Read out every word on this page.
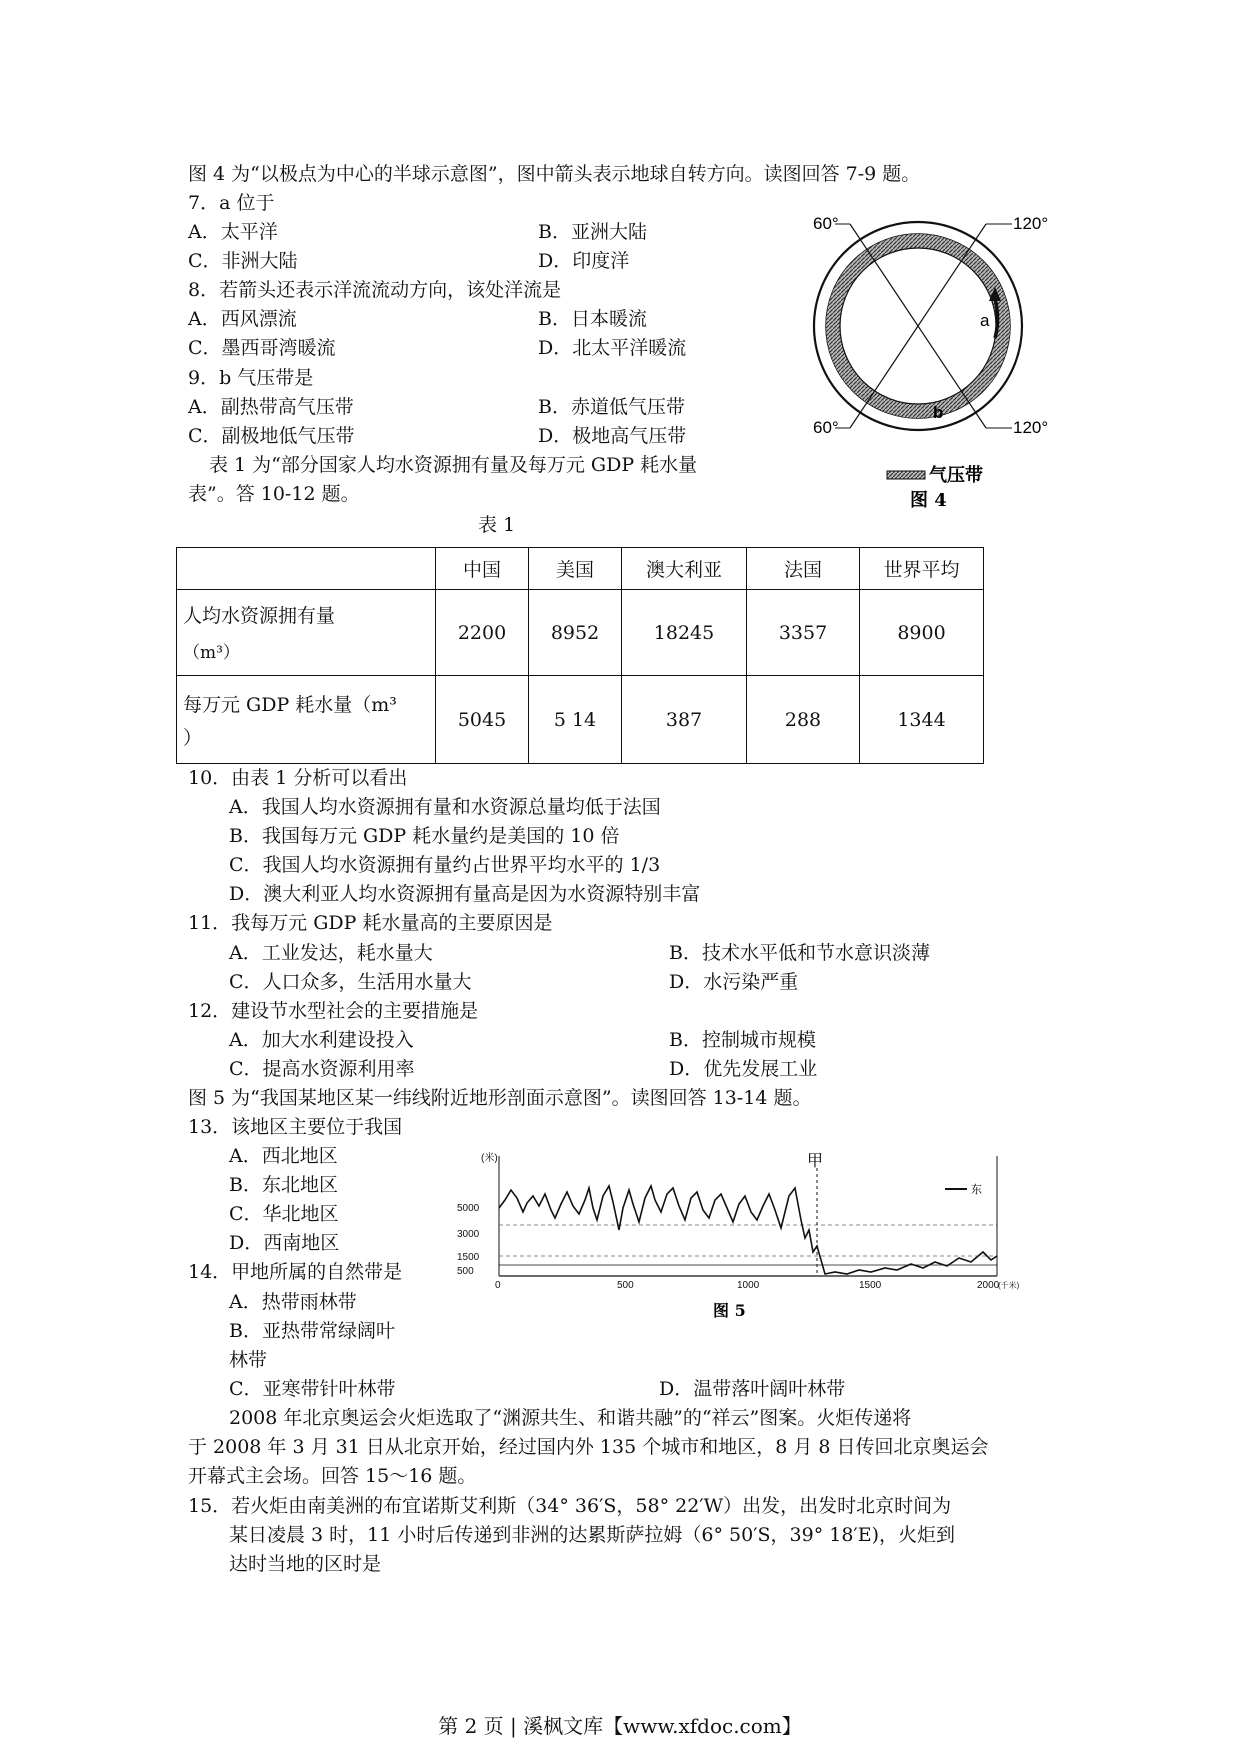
图 4 为“以极点为中心的半球示意图”，图中箭头表示地球自转方向。读图回答 7-9 题。
7．a 位于
A．太平洋	B．亚洲大陆
C．非洲大陆	D．印度洋
8．若箭头还表示洋流流动方向，该处洋流是
A．西风漂流	B．日本暖流
C．墨西哥湾暖流	D．北太平洋暖流
9．b 气压带是
A．副热带高气压带	B．赤道低气压带
C．副极地低气压带	D．极地高气压带
表 1 为“部分国家人均水资源拥有量及每万元 GDP 耗水量
表”。答 10-12 题。
60°	120°
60°	120°
a
b
气压带
图 4
表 1
	中国	美国	澳大利亚	法国	世界平均

人均水资源拥有量
（m³）	2200	8952	18245	3357	8900

每万元 GDP 耗水量（m³
）	5045	5 14	387	288	1344
10．由表 1 分析可以看出
A．我国人均水资源拥有量和水资源总量均低于法国
B．我国每万元 GDP 耗水量约是美国的 10 倍
C．我国人均水资源拥有量约占世界平均水平的 1/3
D．澳大利亚人均水资源拥有量高是因为水资源特别丰富
11．我每万元 GDP 耗水量高的主要原因是
A．工业发达，耗水量大	B．技术水平低和节水意识淡薄
C．人口众多，生活用水量大	D．水污染严重
12．建设节水型社会的主要措施是
A．加大水利建设投入	B．控制城市规模
C．提高水资源利用率	D．优先发展工业
图 5 为“我国某地区某一纬线附近地形剖面示意图”。读图回答 13-14 题。
13．该地区主要位于我国
A．西北地区
B．东北地区
C．华北地区
D．西南地区
14．甲地所属的自然带是
A．热带雨林带
B．亚热带常绿阔叶
林带
C．亚寒带针叶林带	D．温带落叶阔叶林带
(米)
5000
3000
1500
500
0	500	1000	1500	2000
(千米)
甲
东
图 5
2008 年北京奥运会火炬选取了“渊源共生、和谐共融”的“祥云”图案。火炬传递将
于 2008 年 3 月 31 日从北京开始，经过国内外 135 个城市和地区，8 月 8 日传回北京奥运会
开幕式主会场。回答 15～16 题。
15．若火炬由南美洲的布宜诺斯艾利斯（34° 36′S，58° 22′W）出发，出发时北京时间为
某日凌晨 3 时，11 小时后传递到非洲的达累斯萨拉姆（6° 50′S，39° 18′E)，火炬到
达时当地的区时是
第 2 页 | 溪枫文库【www.xfdoc.com】
